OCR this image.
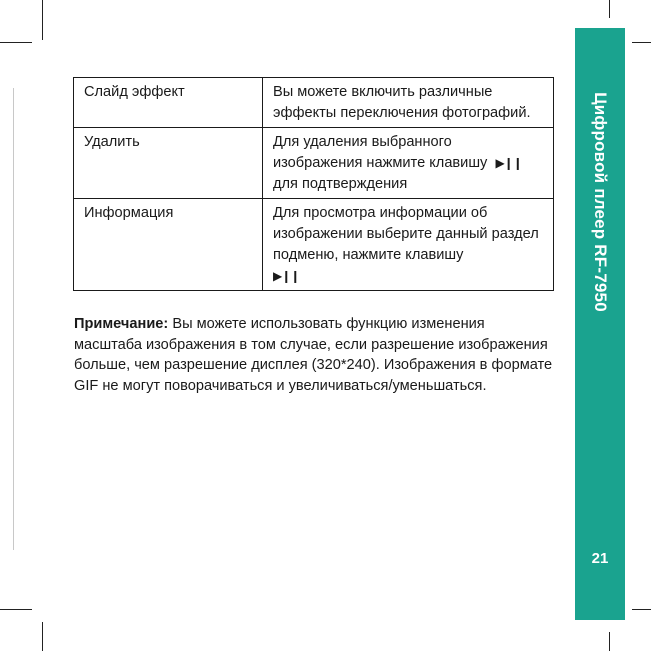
Цифровой плеер RF-7950
21
Слайд эффект	Вы можете включить различные эффекты переключения фотографий.
Удалить	Для удаления выбранного изображения нажмите клавишу ▶❙❙
для подтверждения
Информация	Для просмотра информации об изображении выберите данный раздел подменю, нажмите клавишу
▶❙❙

Примечание: Вы можете использовать функцию изменения масштаба изображения в том случае, если разрешение изображения больше, чем разрешение дисплея (320*240). Изображения в формате GIF не могут поворачиваться и увеличиваться/уменьшаться.
